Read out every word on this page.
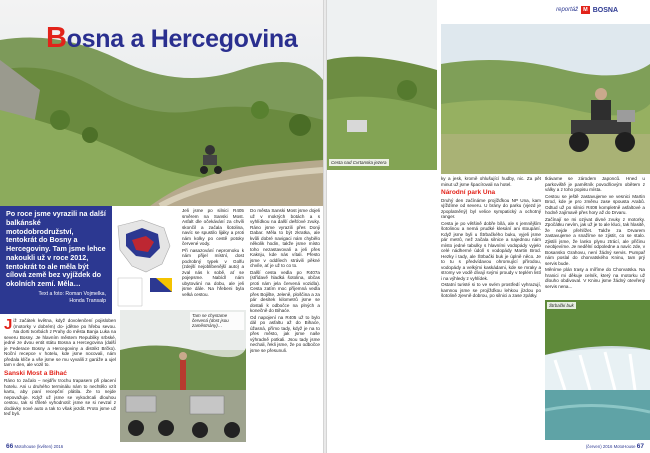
Bosna a Hercegovina

Po roce jsme vyrazili na další balkánské motodobrodružství, tentokrát do Bosny a Hercegoviny. Tam jsme lehce nakoukli už v roce 2012, tentokrát to ale měla být cílová země bez vyjíždek do okolních zemí. Měla…

Text a foto: Roman Vojmelka,
Honda Transalp

Již začátek května, když dovolenčení pojisloben (motorky v dobrém) do- jdětne po hřebu sevou. Na dorti tvorbách z Prahy do města Banja Luka na severu Bosny. Je hlavním městem Republiky srbské, jedné ze dvou entit státu Bosna a Hercegovina (další je Federace Bosny a Hercegoviny a distrikt Brčko). Noční recepce v hotelu, kde jsme nocovali, nám předala klíče a vše jsme se mu vyvalili z garáže a ujel tam v den, ale vozil to.

Sanski Most a Bihać

Ráno to začalo – nejdřív trochu trapasem při placení hotelu. Ani u druhého terminálu nám to nechtělo vzít kartu, aby paní recepční plátila. Že to nejde nepovažuje. Když už jsme se vykodrcali dlouhou cestou, tak si tříleté vyhodnotil: jsme se si nevzal z dodávky nové auto a tak to však jezdit. Proto jsme už teď byli.

Jeli jsme po silnici R405 směrem na Sanski Most. Asfalt dle očekávání za chvíli skončil a začala šotolina, navíc se spustilo lijáky a proti nám kolky po cestě potoky červené vody.

Při nasazování nepromoku k nám přijel místní, dost podrobný typek v Golfu (zdejší nejoblíbenější auto) a zval nás k sobě, ať se pojepsme. Nabídl nám ubytování na dobu, ale jeli jsme dále. Na hřebeni byla velká cestou.

Tam se chystame červená (dost jsou zaměstnány)…

Do města Sanski Most jsme dojeli už v mokrých botách a s vyhlídkou na další dešťové zvuky. Ráno jsme vyrazili přes Donji Dabar. Měla to být zkratka, ale kvůli dobré navigaci nám chybělo několik hodin, takže jsme místo toho nezastavovali a jeli přes Kaknju, kde nás vítali. Přesto jsme v oddílech strávili pěkné chvíle, ať je už to co to.

Další cesta vedla po R407a (střídavě hladká šotolina, občas proti nám jela červená vozidla). Cesta zatím moc příjemná vedla přes Bojište, Jeleně, ploščina a za pár desítek kilometrů jsme se dostali k odbočce na plných a konečně do Bihaće.

Od napojení na R405 už to bylo dál po asfaltu až do Bihaće, úžasná, přímo tady, když je na to přes město, jak jsme naše výhradně potkali. Jsou tady jsme nechali, řekli jsme, že po odbočce jsme se přesunuli.

66 Motohouse (květen) 2016
Cesta nad Cvrtanska jezera
reportáž M BOSNA

ky a jesk, kromě ohlušující hudby, nic. Za pět minut už jsme špacírovali na hotel.

Národní park Una

Druhý den začínáme projížďkou NP Una, kam vjíždíme od severu. U brány do parku (vjezd je zpoplatněný) byl velice sympatický a ochotný ranger.

Cesta je po většině dobře bílá, ale s jemnějším šotolinou a nemá prudké klesání ani stoupání. Když jsme byli u Štrbačkého buku, vyjeli jsme pár metrů, než začala silnice a najednou nám místo jedné tabulky s hlavními vodopády vyjelo celé nádherné údolí s vodopády Martin Brod. Hezky i tady, ale Štrbački buk je úplně něco. Je to tu s předvídavou ohromující přírodou, vodopády a velkými kaskádami, kde se mraky a stromy ve vodě dívají svými proudy v teplém listí i na výhledy z vyhlídek.

Ostatní turisté si to ve svém prostředí vyhrazují, kamnou jsme se projížďkou lehkou jízdou po šotolině zjevně dobrou, po silnici a zase zpátky.

tkávame se zárodem Japonců. Hned u parkoviště je pamětník povodňovým obětem z války a z toho popisu místa.

Cestou se ještě zastavujeme ve vesnici Martin Brod, kde je pro změnu zase spousta Arabů. Odtud už po silnici R408 kompletně asfaltové a hodně zajímavě přes hory až do Drvaru.

Začínají se mi ozývat divné zvuky z motorky. Zpočátku nevím, jak už je to ale kluci, tak hlasitě, že nejde přehlížet. Takže za Drvarem zastavujeme a snažíme se zjistit, co se stalo. Zjistili jsme, že lanko plynu ztrácí, ale přičinu neobjevíme. Je nedělní odpoledne a navíc zde, v Bosansko Grahovu, není žádný servis. Pumpař nám poslal do chorvatského Kninu, tam prý servis bude.

Měníme plán trasy a míříme do Chorvatska. Na hranici mi děkuje celník, který na motorku už dlouho obdivoval. V Kninu jsme žádný otevřený servis nena...

Štrbački buk
(červen) 2016 MotoHouse 67
